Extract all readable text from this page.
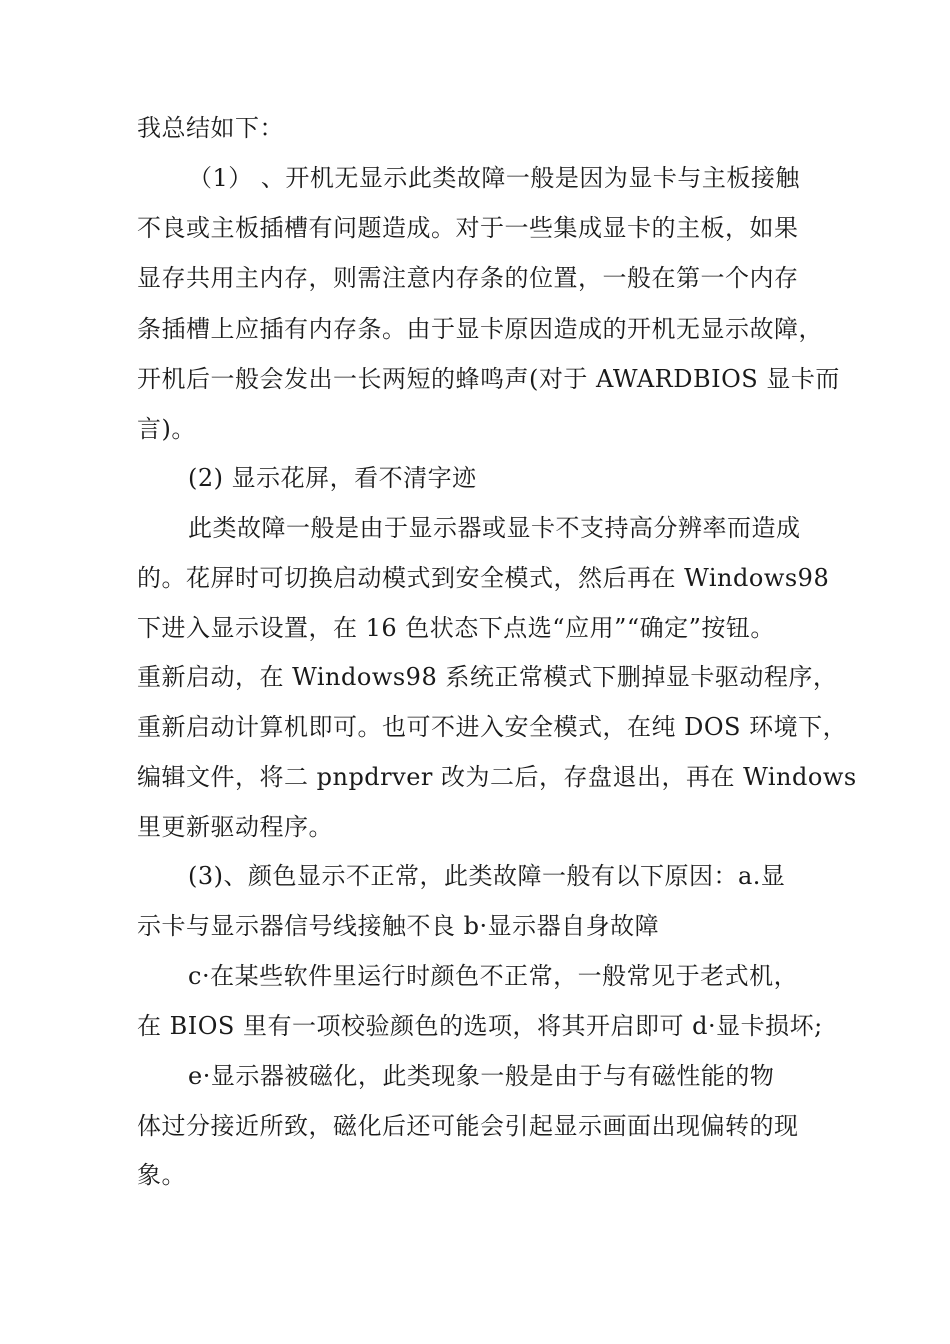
我总结如下：
（1） 、开机无显示此类故障一般是因为显卡与主板接触
不良或主板插槽有问题造成。对于一些集成显卡的主板，如果
显存共用主内存，则需注意内存条的位置，一般在第一个内存
条插槽上应插有内存条。由于显卡原因造成的开机无显示故障，
开机后一般会发出一长两短的蜂鸣声(对于 AWARDBIOS 显卡而
言)。
(2) 显示花屏，看不清字迹
此类故障一般是由于显示器或显卡不支持高分辨率而造成
的。花屏时可切换启动模式到安全模式，然后再在 Windows98
下进入显示设置，在 16 色状态下点选“应用”“确定”按钮。
重新启动，在 Windows98 系统正常模式下删掉显卡驱动程序，
重新启动计算机即可。也可不进入安全模式，在纯 DOS 环境下，
编辑文件，将二 pnpdrver 改为二后，存盘退出，再在 Windows
里更新驱动程序。
(3)、颜色显示不正常，此类故障一般有以下原因：a.显
示卡与显示器信号线接触不良 b·显示器自身故障
c·在某些软件里运行时颜色不正常，一般常见于老式机，
在 BIOS 里有一项校验颜色的选项，将其开启即可 d·显卡损坏;
e·显示器被磁化，此类现象一般是由于与有磁性能的物
体过分接近所致，磁化后还可能会引起显示画面出现偏转的现
象。
